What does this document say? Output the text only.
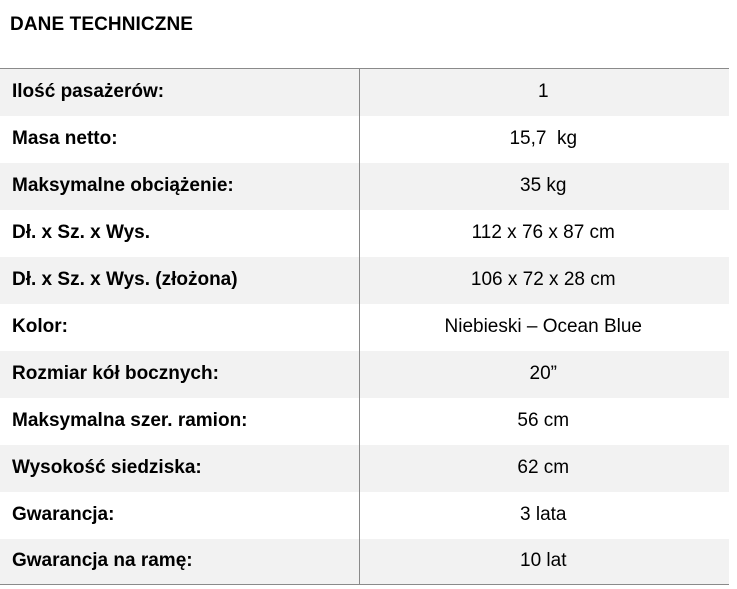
DANE TECHNICZNE
Ilość pasażerów:	1
Masa netto:	15,7  kg
Maksymalne obciążenie:	35 kg
Dł. x Sz. x Wys.	112 x 76 x 87 cm
Dł. x Sz. x Wys. (złożona)	106 x 72 x 28 cm
Kolor:	Niebieski – Ocean Blue
Rozmiar kół bocznych:	20”
Maksymalna szer. ramion:	56 cm
Wysokość siedziska:	62 cm
Gwarancja:	3 lata
Gwarancja na ramę:	10 lat
